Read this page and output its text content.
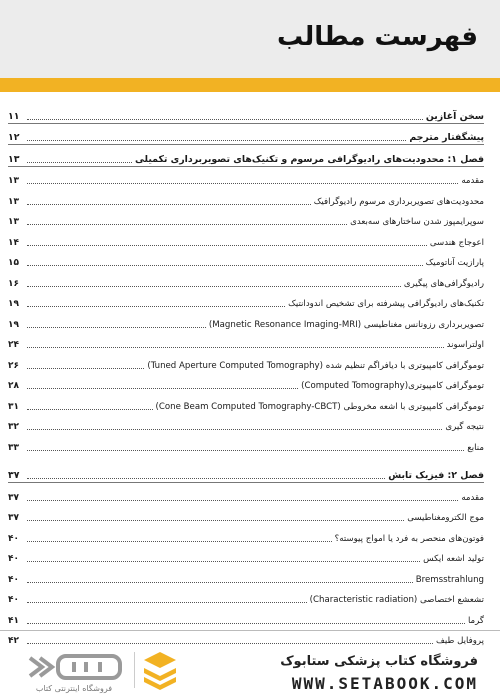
فهرست مطالب
سخن آغازین
۱۱
پیشگفتار مترجم
۱۲
فصل ۱: محدودیت‌های رادیوگرافی مرسوم و تکنیک‌های تصویربرداری تکمیلی
۱۳
مقدمه
۱۳
محدودیت‌های تصویربرداری مرسوم رادیوگرافیک
۱۳
سوپرایمپوز شدن ساختارهای سه‌بعدی
۱۳
اعوجاج هندسی
۱۴
پارازیت آناتومیک
۱۵
رادیوگرافی‌های پیگیری
۱۶
تکنیک‌های رادیوگرافی پیشرفته برای تشخیص اندودانتیک
۱۹
تصویربرداری رزونانس مغناطیسی (Magnetic Resonance Imaging-MRI)
۱۹
اولتراسوند
۲۴
توموگرافی کامپیوتری با دیافراگم تنظیم شده (Tuned Aperture Computed Tomography)
۲۶
توموگرافی کامپیوتری(Computed Tomography)
۲۸
توموگرافی کامپیوتری با اشعه مخروطی (Cone Beam Computed Tomography-CBCT)
۳۱
نتیجه گیری
۳۲
منابع
۳۳
فصل ۲: فیزیک تابش
۳۷
مقدمه
۳۷
موج الکترومغناطیسی
۳۷
فوتون‌های منحصر به فرد یا امواج پیوسته؟
۴۰
تولید اشعه ایکس
۴۰
Bremsstrahlung
۴۰
تشعشع اختصاصی (Characteristic radiation)
۴۰
گرما
۴۱
پروفایل طیف
۴۲
فروشگاه اینترنتی کتاب
فروشگاه کتاب پزشکی ستابوک
WWW.SETABOOK.COM
